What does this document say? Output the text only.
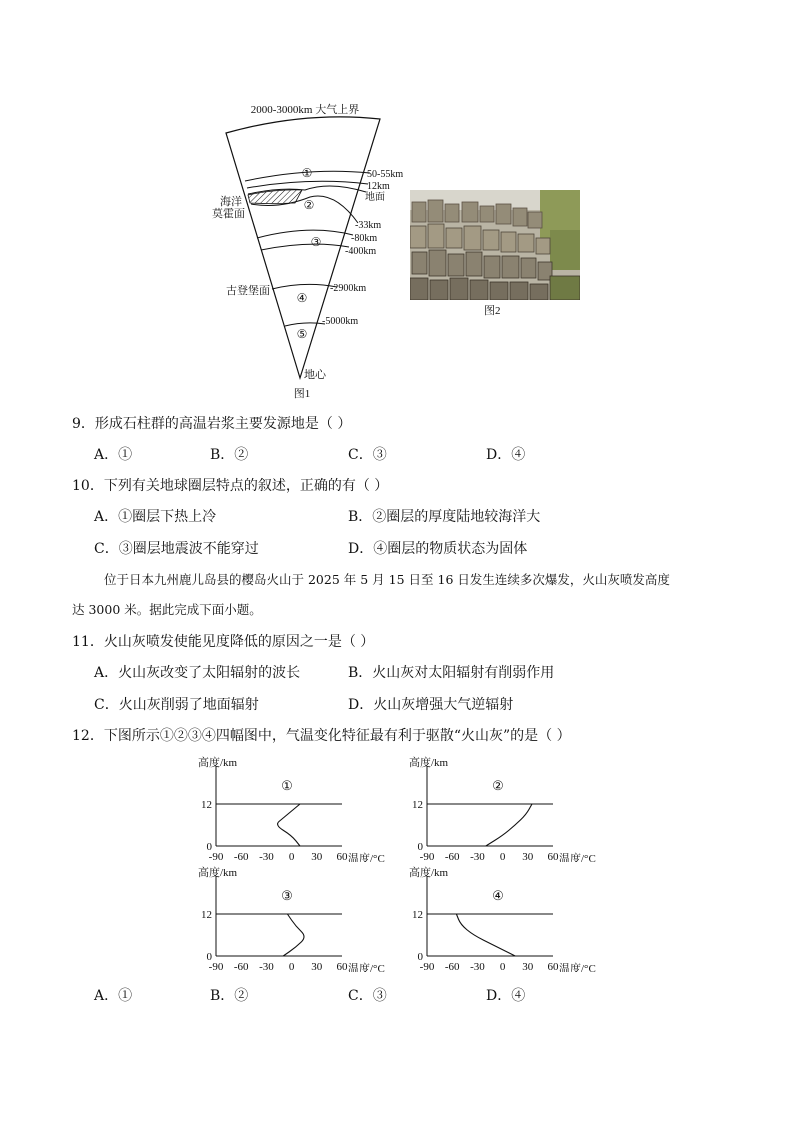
①
②
③
④
⑤
2000-3000km 大气上界
50-55km
12km
地面
-33km
-80km
-400km
-2900km
-5000km
海洋
莫霍面
古登堡面
地心
图1
图2
9．形成石柱群的高温岩浆主要发源地是（ ）
A．①	B．②	C．③	D．④
10．下列有关地球圈层特点的叙述，正确的有（ ）
A．①圈层下热上冷	B．②圈层的厚度陆地较海洋大
C．③圈层地震波不能穿过	D．④圈层的物质状态为固体
位于日本九州鹿儿岛县的樱岛火山于 2025 年 5 月 15 日至 16 日发生连续多次爆发，火山灰喷发高度
达 3000 米。据此完成下面小题。
11．火山灰喷发使能见度降低的原因之一是（ ）
A．火山灰改变了太阳辐射的波长	B．火山灰对太阳辐射有削弱作用
C．火山灰削弱了地面辐射	D．火山灰增强大气逆辐射
12．下图所示①②③④四幅图中，气温变化特征最有利于驱散“火山灰”的是（ ）
高度/km
①
0
12
-90 -60 -30 0 30 60 温度/°C
高度/km
②
0
12
-90 -60 -30 0 30 60 温度/°C
高度/km
③
0
12
-90 -60 -30 0 30 60 温度/°C
高度/km
④
0
12
-90 -60 -30 0 30 60 温度/°C
A．①	B．②	C．③	D．④
